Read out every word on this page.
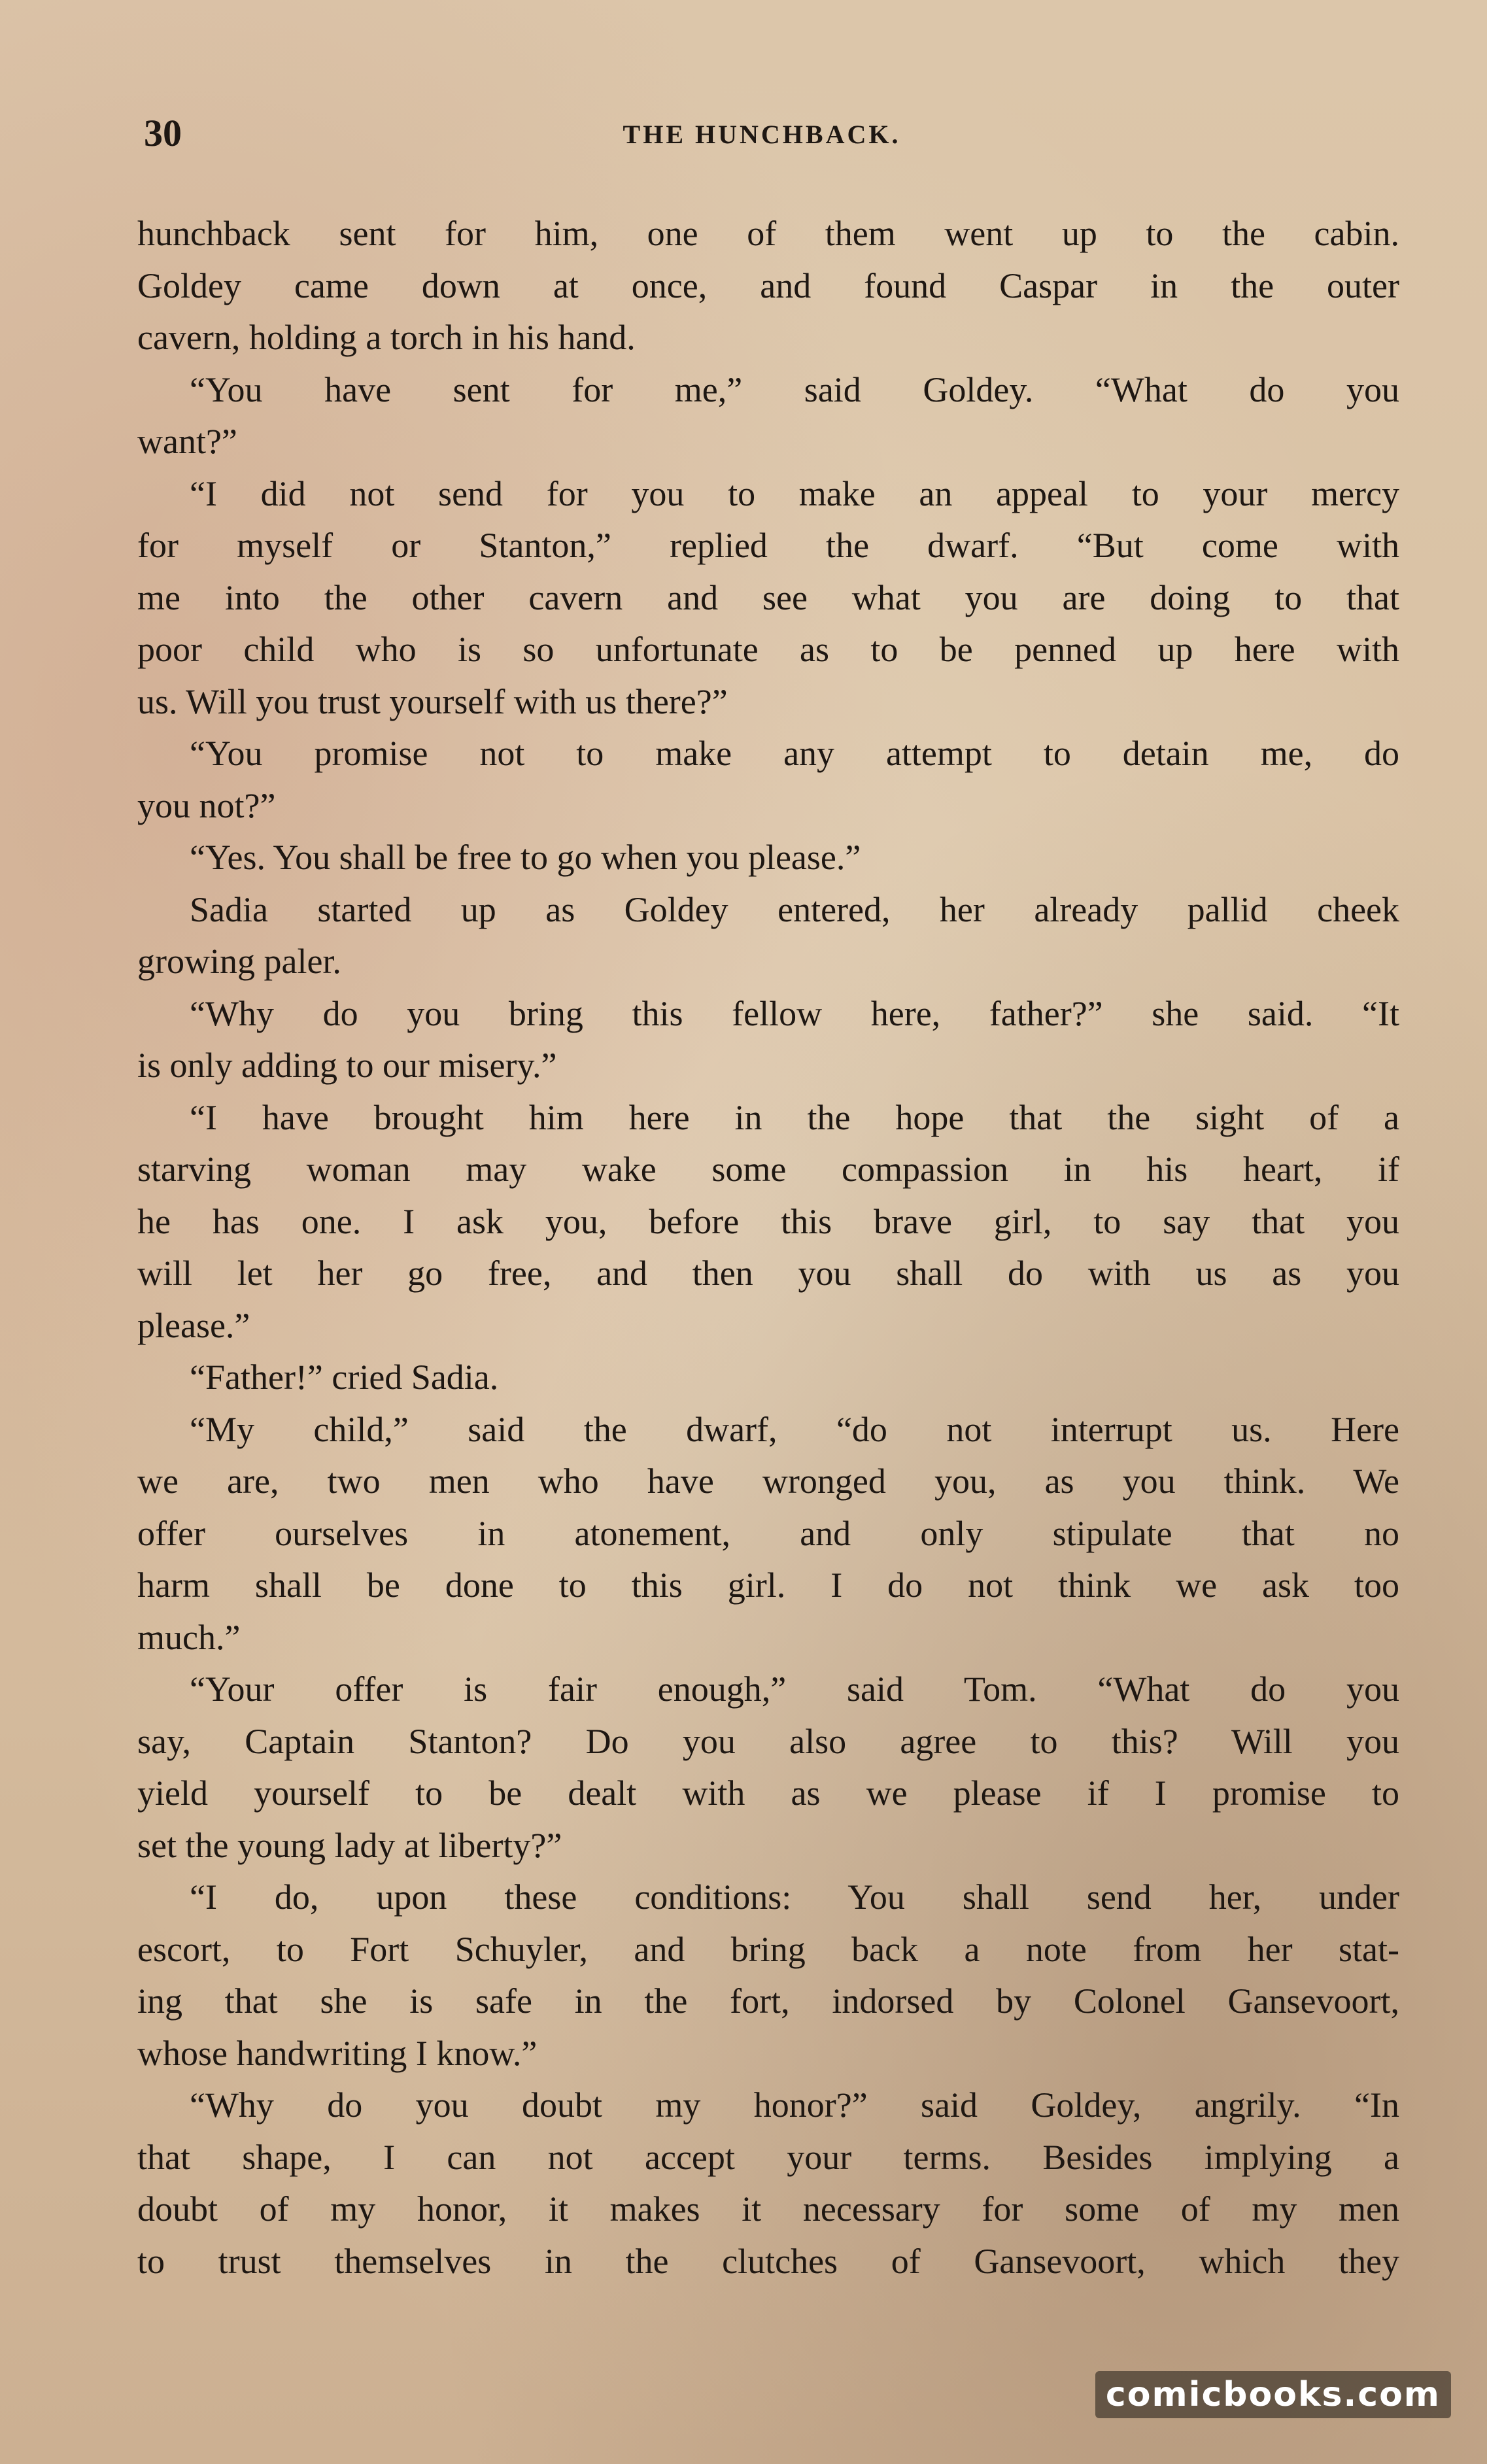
30	THE HUNCHBACK.
hunchback sent for him, one of them went up to the cabin.
Goldey came down at once, and found Caspar in the outer
cavern, holding a torch in his hand.
“You have sent for me,” said Goldey. “What do you
want?”
“I did not send for you to make an appeal to your mercy
for myself or Stanton,” replied the dwarf. “But come with
me into the other cavern and see what you are doing to that
poor child who is so unfortunate as to be penned up here with
us. Will you trust yourself with us there?”
“You promise not to make any attempt to detain me, do
you not?”
“Yes. You shall be free to go when you please.”
Sadia started up as Goldey entered, her already pallid cheek
growing paler.
“Why do you bring this fellow here, father?” she said. “It
is only adding to our misery.”
“I have brought him here in the hope that the sight of a
starving woman may wake some compassion in his heart, if
he has one. I ask you, before this brave girl, to say that you
will let her go free, and then you shall do with us as you
please.”
“Father!” cried Sadia.
“My child,” said the dwarf, “do not interrupt us. Here
we are, two men who have wronged you, as you think. We
offer ourselves in atonement, and only stipulate that no
harm shall be done to this girl. I do not think we ask too
much.”
“Your offer is fair enough,” said Tom. “What do you
say, Captain Stanton? Do you also agree to this? Will you
yield yourself to be dealt with as we please if I promise to
set the young lady at liberty?”
“I do, upon these conditions: You shall send her, under
escort, to Fort Schuyler, and bring back a note from her stat-
ing that she is safe in the fort, indorsed by Colonel Gansevoort,
whose handwriting I know.”
“Why do you doubt my honor?” said Goldey, angrily. “In
that shape, I can not accept your terms. Besides implying a
doubt of my honor, it makes it necessary for some of my men
to trust themselves in the clutches of Gansevoort, which they
comicbooks.com
